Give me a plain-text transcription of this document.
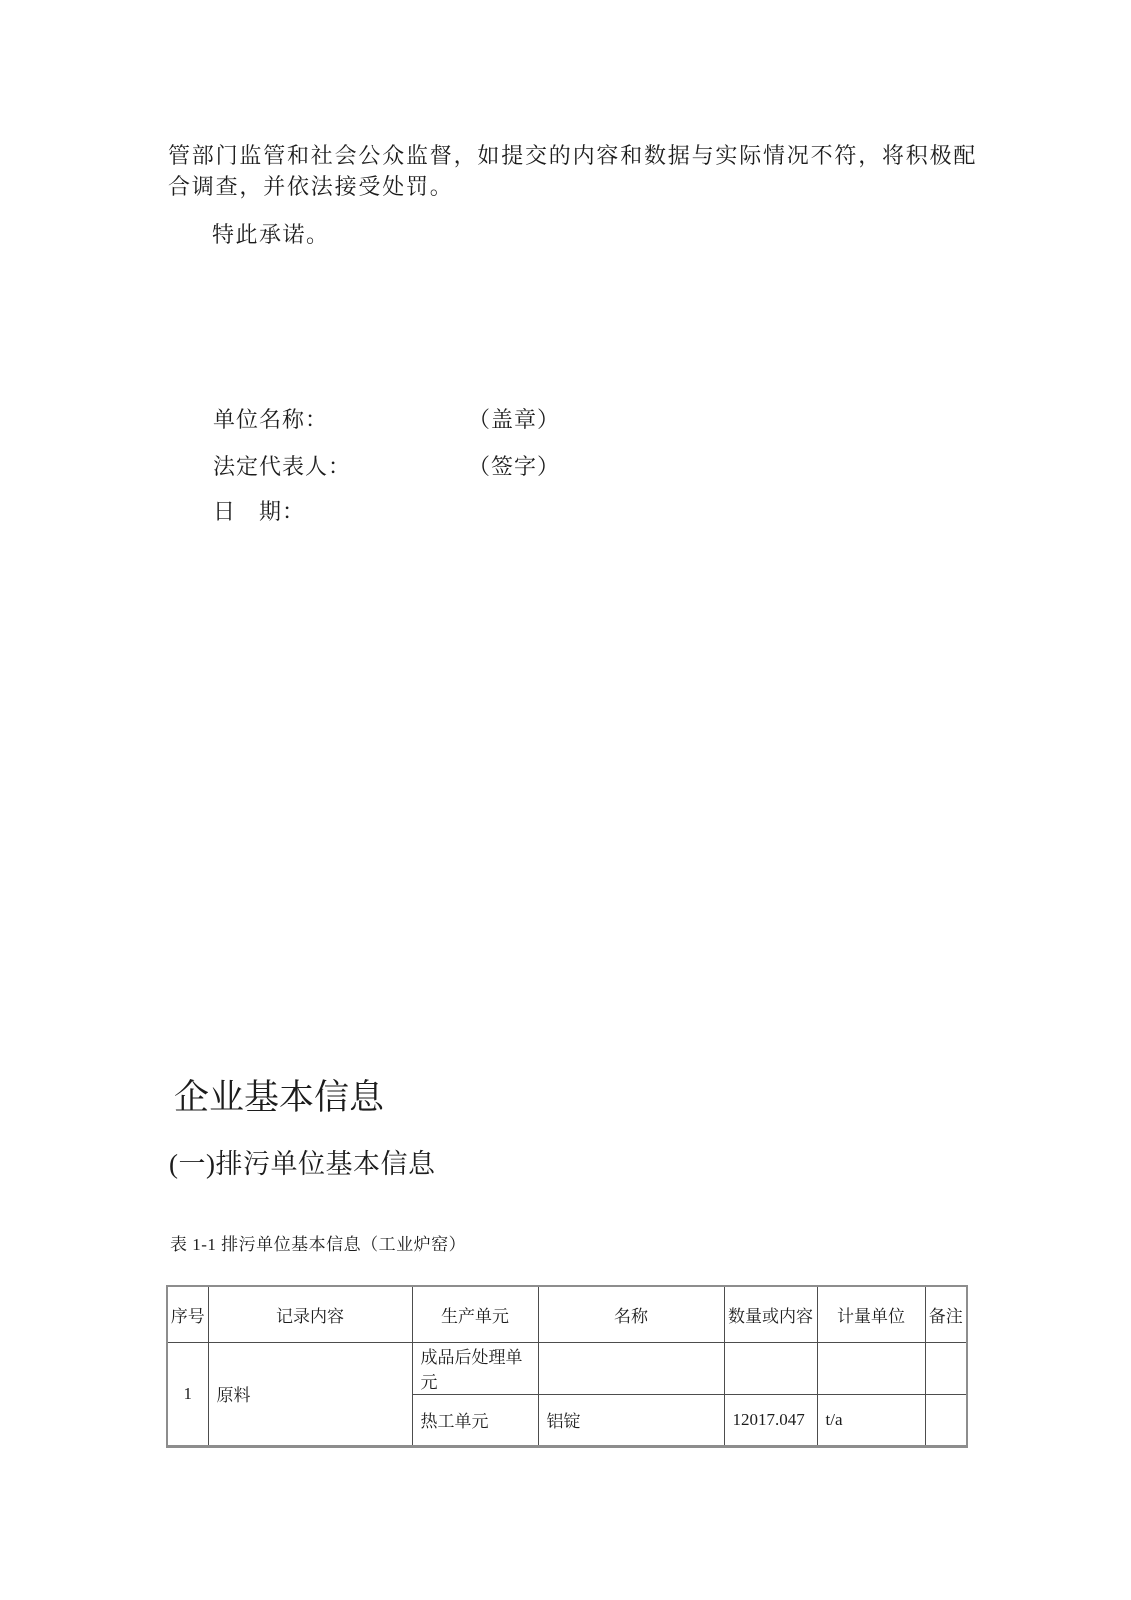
管部门监管和社会公众监督，如提交的内容和数据与实际情况不符，将积极配
合调查，并依法接受处罚。
特此承诺。
单位名称：	（盖章）
法定代表人：	（签字）
日　期：
企业基本信息
(一)排污单位基本信息
表 1-1 排污单位基本信息（工业炉窑）
序号	记录内容	生产单元	名称	数量或内容	计量单位	备注
1	原料	成品后处理单元				
		热工单元	铝锭	12017.047	t/a	
